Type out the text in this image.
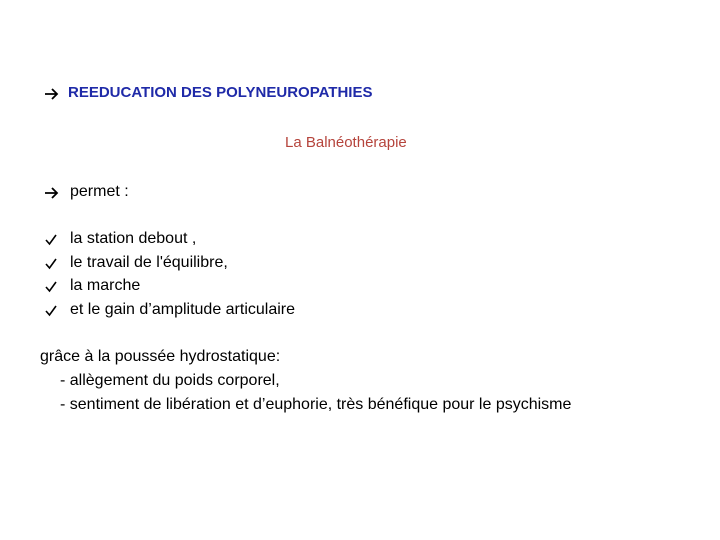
REEDUCATION DES POLYNEUROPATHIES
La Balnéothérapie
permet :
la station debout ,
le travail de l'équilibre,
la marche
et le gain d’amplitude articulaire
grâce à la poussée hydrostatique:
- allègement du poids corporel,
- sentiment de libération et d’euphorie, très bénéfique pour le psychisme
